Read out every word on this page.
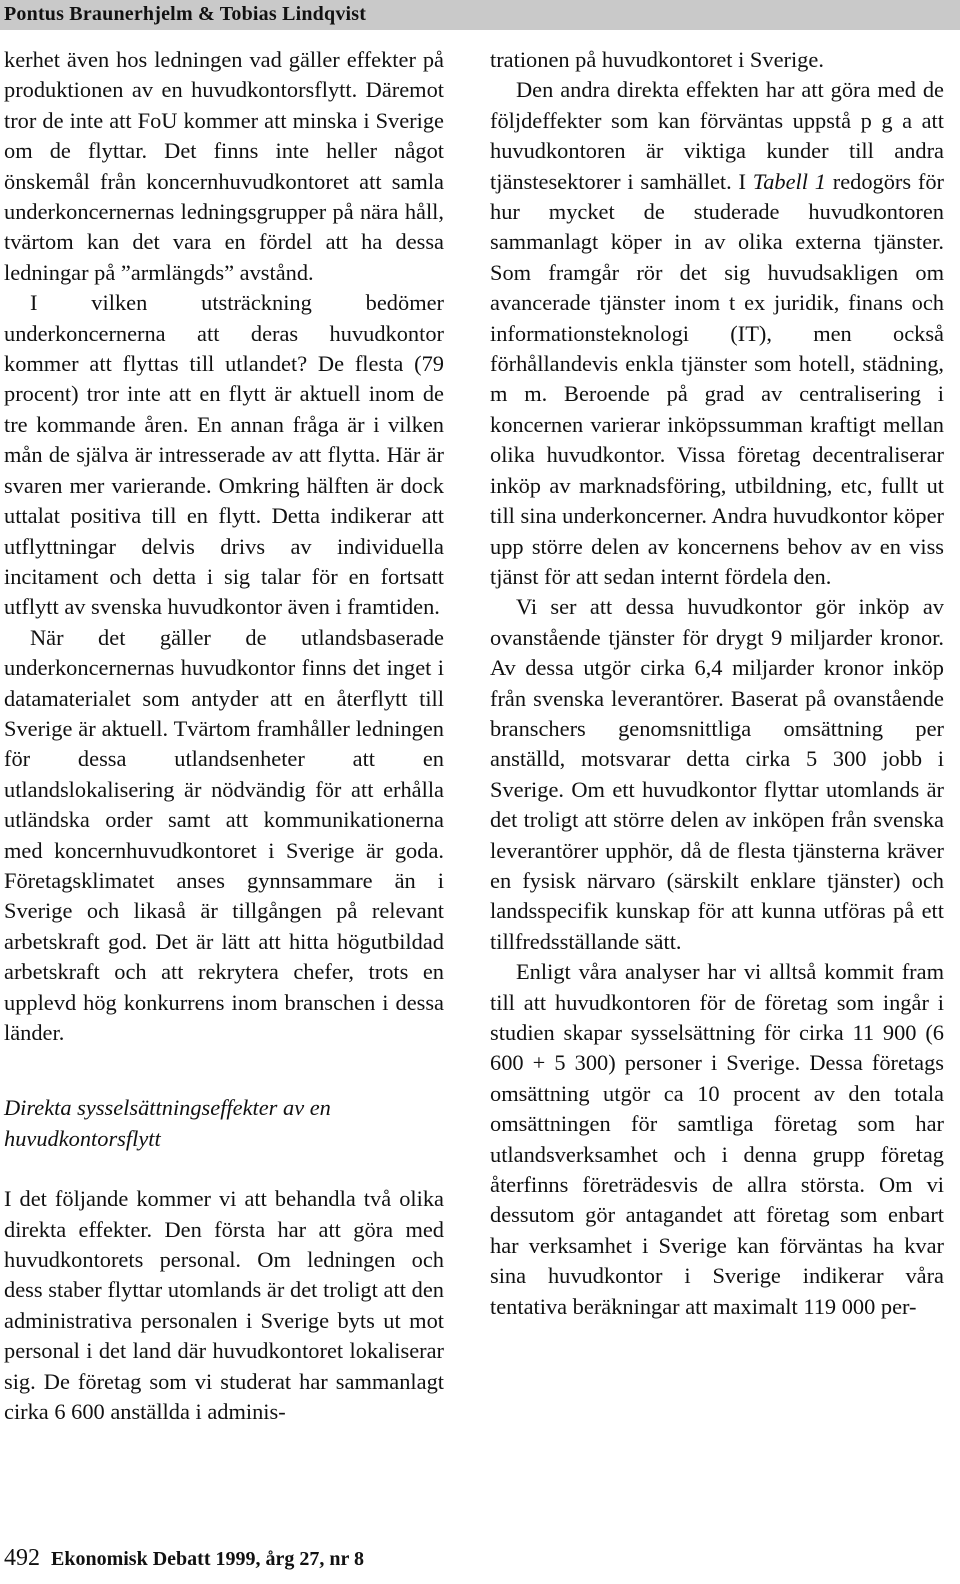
Pontus Braunerhjelm & Tobias Lindqvist

kerhet även hos ledningen vad gäller effekter på produktionen av en huvudkontorsflytt. Däremot tror de inte att FoU kommer att minska i Sverige om de flyttar. Det finns inte heller något önskemål från koncernhuvudkontoret att samla underkoncernernas ledningsgrupper på nära håll, tvärtom kan det vara en fördel att ha dessa ledningar på ”armlängds” avstånd.

I vilken utsträckning bedömer underkoncernerna att deras huvudkontor kommer att flyttas till utlandet? De flesta (79 procent) tror inte att en flytt är aktuell inom de tre kommande åren. En annan fråga är i vilken mån de själva är intresserade av att flytta. Här är svaren mer varierande. Omkring hälften är dock uttalat positiva till en flytt. Detta indikerar att utflyttningar delvis drivs av individuella incitament och detta i sig talar för en fortsatt utflytt av svenska huvudkontor även i framtiden.

När det gäller de utlandsbaserade underkoncernernas huvudkontor finns det inget i datamaterialet som antyder att en återflytt till Sverige är aktuell. Tvärtom framhåller ledningen för dessa utlandsenheter att en utlandslokalisering är nödvändig för att erhålla utländska order samt att kommunikationerna med koncernhuvudkontoret i Sverige är goda. Företagsklimatet anses gynnsammare än i Sverige och likaså är tillgången på relevant arbetskraft god. Det är lätt att hitta högutbildad arbetskraft och att rekrytera chefer, trots en upplevd hög konkurrens inom branschen i dessa länder.

Direkta sysselsättningseffekter av en huvudkontorsflytt

I det följande kommer vi att behandla två olika direkta effekter. Den första har att göra med huvudkontorets personal. Om ledningen och dess staber flyttar utomlands är det troligt att den administrativa personalen i Sverige byts ut mot personal i det land där huvudkontoret lokaliserar sig. De företag som vi studerat har sammanlagt cirka 6 600 anställda i adminis-

trationen på huvudkontoret i Sverige.

Den andra direkta effekten har att göra med de följdeffekter som kan förväntas uppstå p g a att huvudkontoren är viktiga kunder till andra tjänstesektorer i samhället. I Tabell 1 redogörs för hur mycket de studerade huvudkontoren sammanlagt köper in av olika externa tjänster. Som framgår rör det sig huvudsakligen om avancerade tjänster inom t ex juridik, finans och informationsteknologi (IT), men också förhållandevis enkla tjänster som hotell, städning, m m. Beroende på grad av centralisering i koncernen varierar inköpssumman kraftigt mellan olika huvudkontor. Vissa företag decentraliserar inköp av marknadsföring, utbildning, etc, fullt ut till sina underkoncerner. Andra huvudkontor köper upp större delen av koncernens behov av en viss tjänst för att sedan internt fördela den.

Vi ser att dessa huvudkontor gör inköp av ovanstående tjänster för drygt 9 miljarder kronor. Av dessa utgör cirka 6,4 miljarder kronor inköp från svenska leverantörer. Baserat på ovanstående branschers genomsnittliga omsättning per anställd, motsvarar detta cirka 5 300 jobb i Sverige. Om ett huvudkontor flyttar utomlands är det troligt att större delen av inköpen från svenska leverantörer upphör, då de flesta tjänsterna kräver en fysisk närvaro (särskilt enklare tjänster) och landsspecifik kunskap för att kunna utföras på ett tillfredsställande sätt.

Enligt våra analyser har vi alltså kommit fram till att huvudkontoren för de företag som ingår i studien skapar sysselsättning för cirka 11 900 (6 600 + 5 300) personer i Sverige. Dessa företags omsättning utgör ca 10 procent av den totala omsättningen för samtliga företag som har utlandsverksamhet och i denna grupp företag återfinns företrädesvis de allra största. Om vi dessutom gör antagandet att företag som enbart har verksamhet i Sverige kan förväntas ha kvar sina huvudkontor i Sverige indikerar våra tentativa beräkningar att maximalt 119 000 per-

492 Ekonomisk Debatt 1999, årg 27, nr 8
